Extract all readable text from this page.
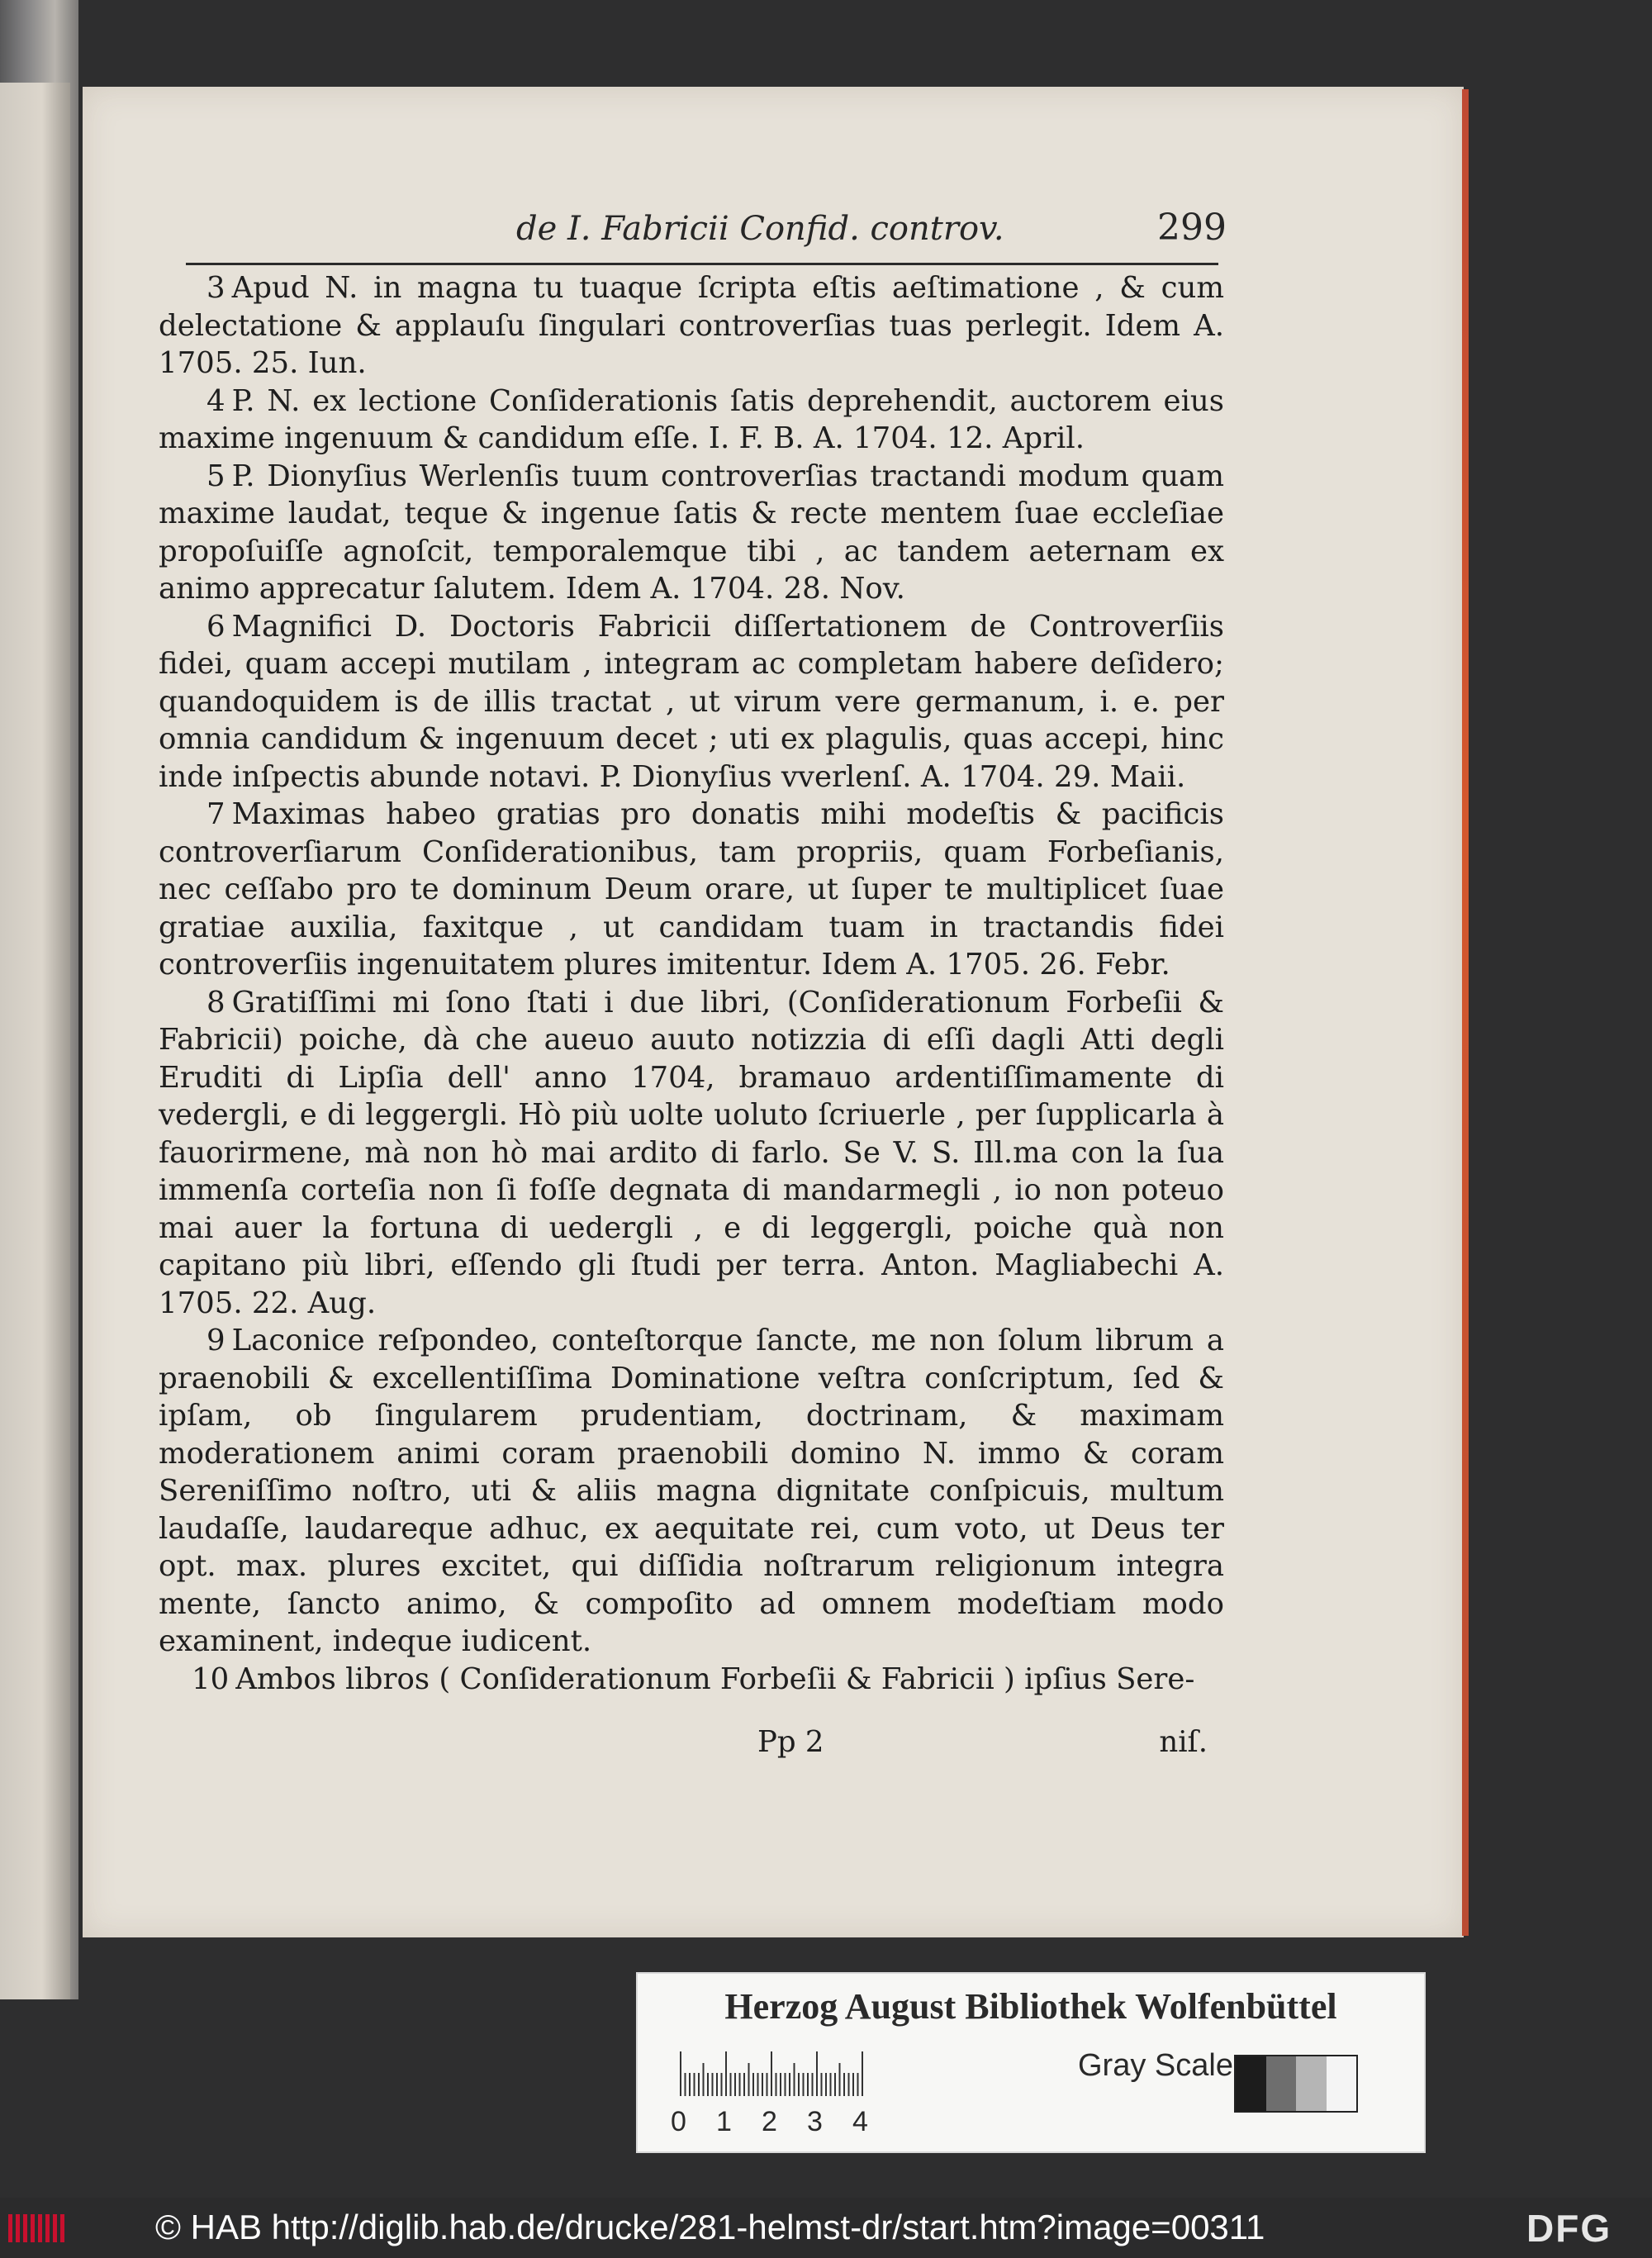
de I. Fabricii Confid. controv.	299

3 Apud N. in magna tu tuaque ſcripta eſtis aeſtimatione , & cum delectatione & applauſu ſingulari controverſias tuas perlegit. Idem A. 1705. 25. Iun.

4 P. N. ex lectione Conſiderationis ſatis deprehendit, auctorem eius maxime ingenuum & candidum eſſe. I. F. B. A. 1704. 12. April.

5 P. Dionyſius Werlenſis tuum controverſias tractandi modum quam maxime laudat, teque & ingenue ſatis & recte mentem ſuae eccleſiae propoſuiſſe agnoſcit, temporalemque tibi , ac tandem aeternam ex animo apprecatur ſalutem. Idem A. 1704. 28. Nov.

6 Magnifici D. Doctoris Fabricii diſſertationem de Controverſiis fidei, quam accepi mutilam , integram ac completam habere deſidero; quandoquidem is de illis tractat , ut virum vere germanum, i. e. per omnia candidum & ingenuum decet ; uti ex plagulis, quas accepi, hinc inde inſpectis abunde notavi. P. Dionyſius vverlenſ. A. 1704. 29. Maii.

7 Maximas habeo gratias pro donatis mihi modeſtis & pacificis controverſiarum Conſiderationibus, tam propriis, quam Forbeſianis, nec ceſſabo pro te dominum Deum orare, ut ſuper te multiplicet ſuae gratiae auxilia, faxitque , ut candidam tuam in tractandis fidei controverſiis ingenuitatem plures imitentur. Idem A. 1705. 26. Febr.

8 Gratiſſimi mi ſono ſtati i due libri, (Conſiderationum Forbeſii & Fabricii) poiche, dà che aueuo auuto notizzia di eſſi dagli Atti degli Eruditi di Lipſia dell' anno 1704, bramauo ardentiſſimamente di vedergli, e di leggergli. Hò più uolte uoluto ſcriuerle , per ſupplicarla à fauorirmene, mà non hò mai ardito di farlo. Se V. S. Ill.ma con la ſua immenſa corteſia non ſi foſſe degnata di mandarmegli , io non poteuo mai auer la fortuna di uedergli , e di leggergli, poiche quà non capitano più libri, eſſendo gli ſtudi per terra. Anton. Magliabechi A. 1705. 22. Aug.

9 Laconice reſpondeo, conteſtorque ſancte, me non ſolum librum a praenobili & excellentiſſima Dominatione veſtra conſcriptum, ſed & ipſam, ob ſingularem prudentiam, doctrinam, & maximam moderationem animi coram praenobili domino N. immo & coram Sereniſſimo noſtro, uti & aliis magna dignitate conſpicuis, multum laudaſſe, laudareque adhuc, ex aequitate rei, cum voto, ut Deus ter opt. max. plures excitet, qui diſſidia noſtrarum religionum integra mente, ſancto animo, & compoſito ad omnem modeſtiam modo examinent, indeque iudicent.

10 Ambos libros ( Conſiderationum Forbeſii & Fabricii ) ipſius Sere-

Pp 2	niſ.
Herzog August Bibliothek Wolfenbüttel
0 1 2 3 4
Gray Scale
© HAB http://diglib.hab.de/drucke/281-helmst-dr/start.htm?image=00311	DFG
